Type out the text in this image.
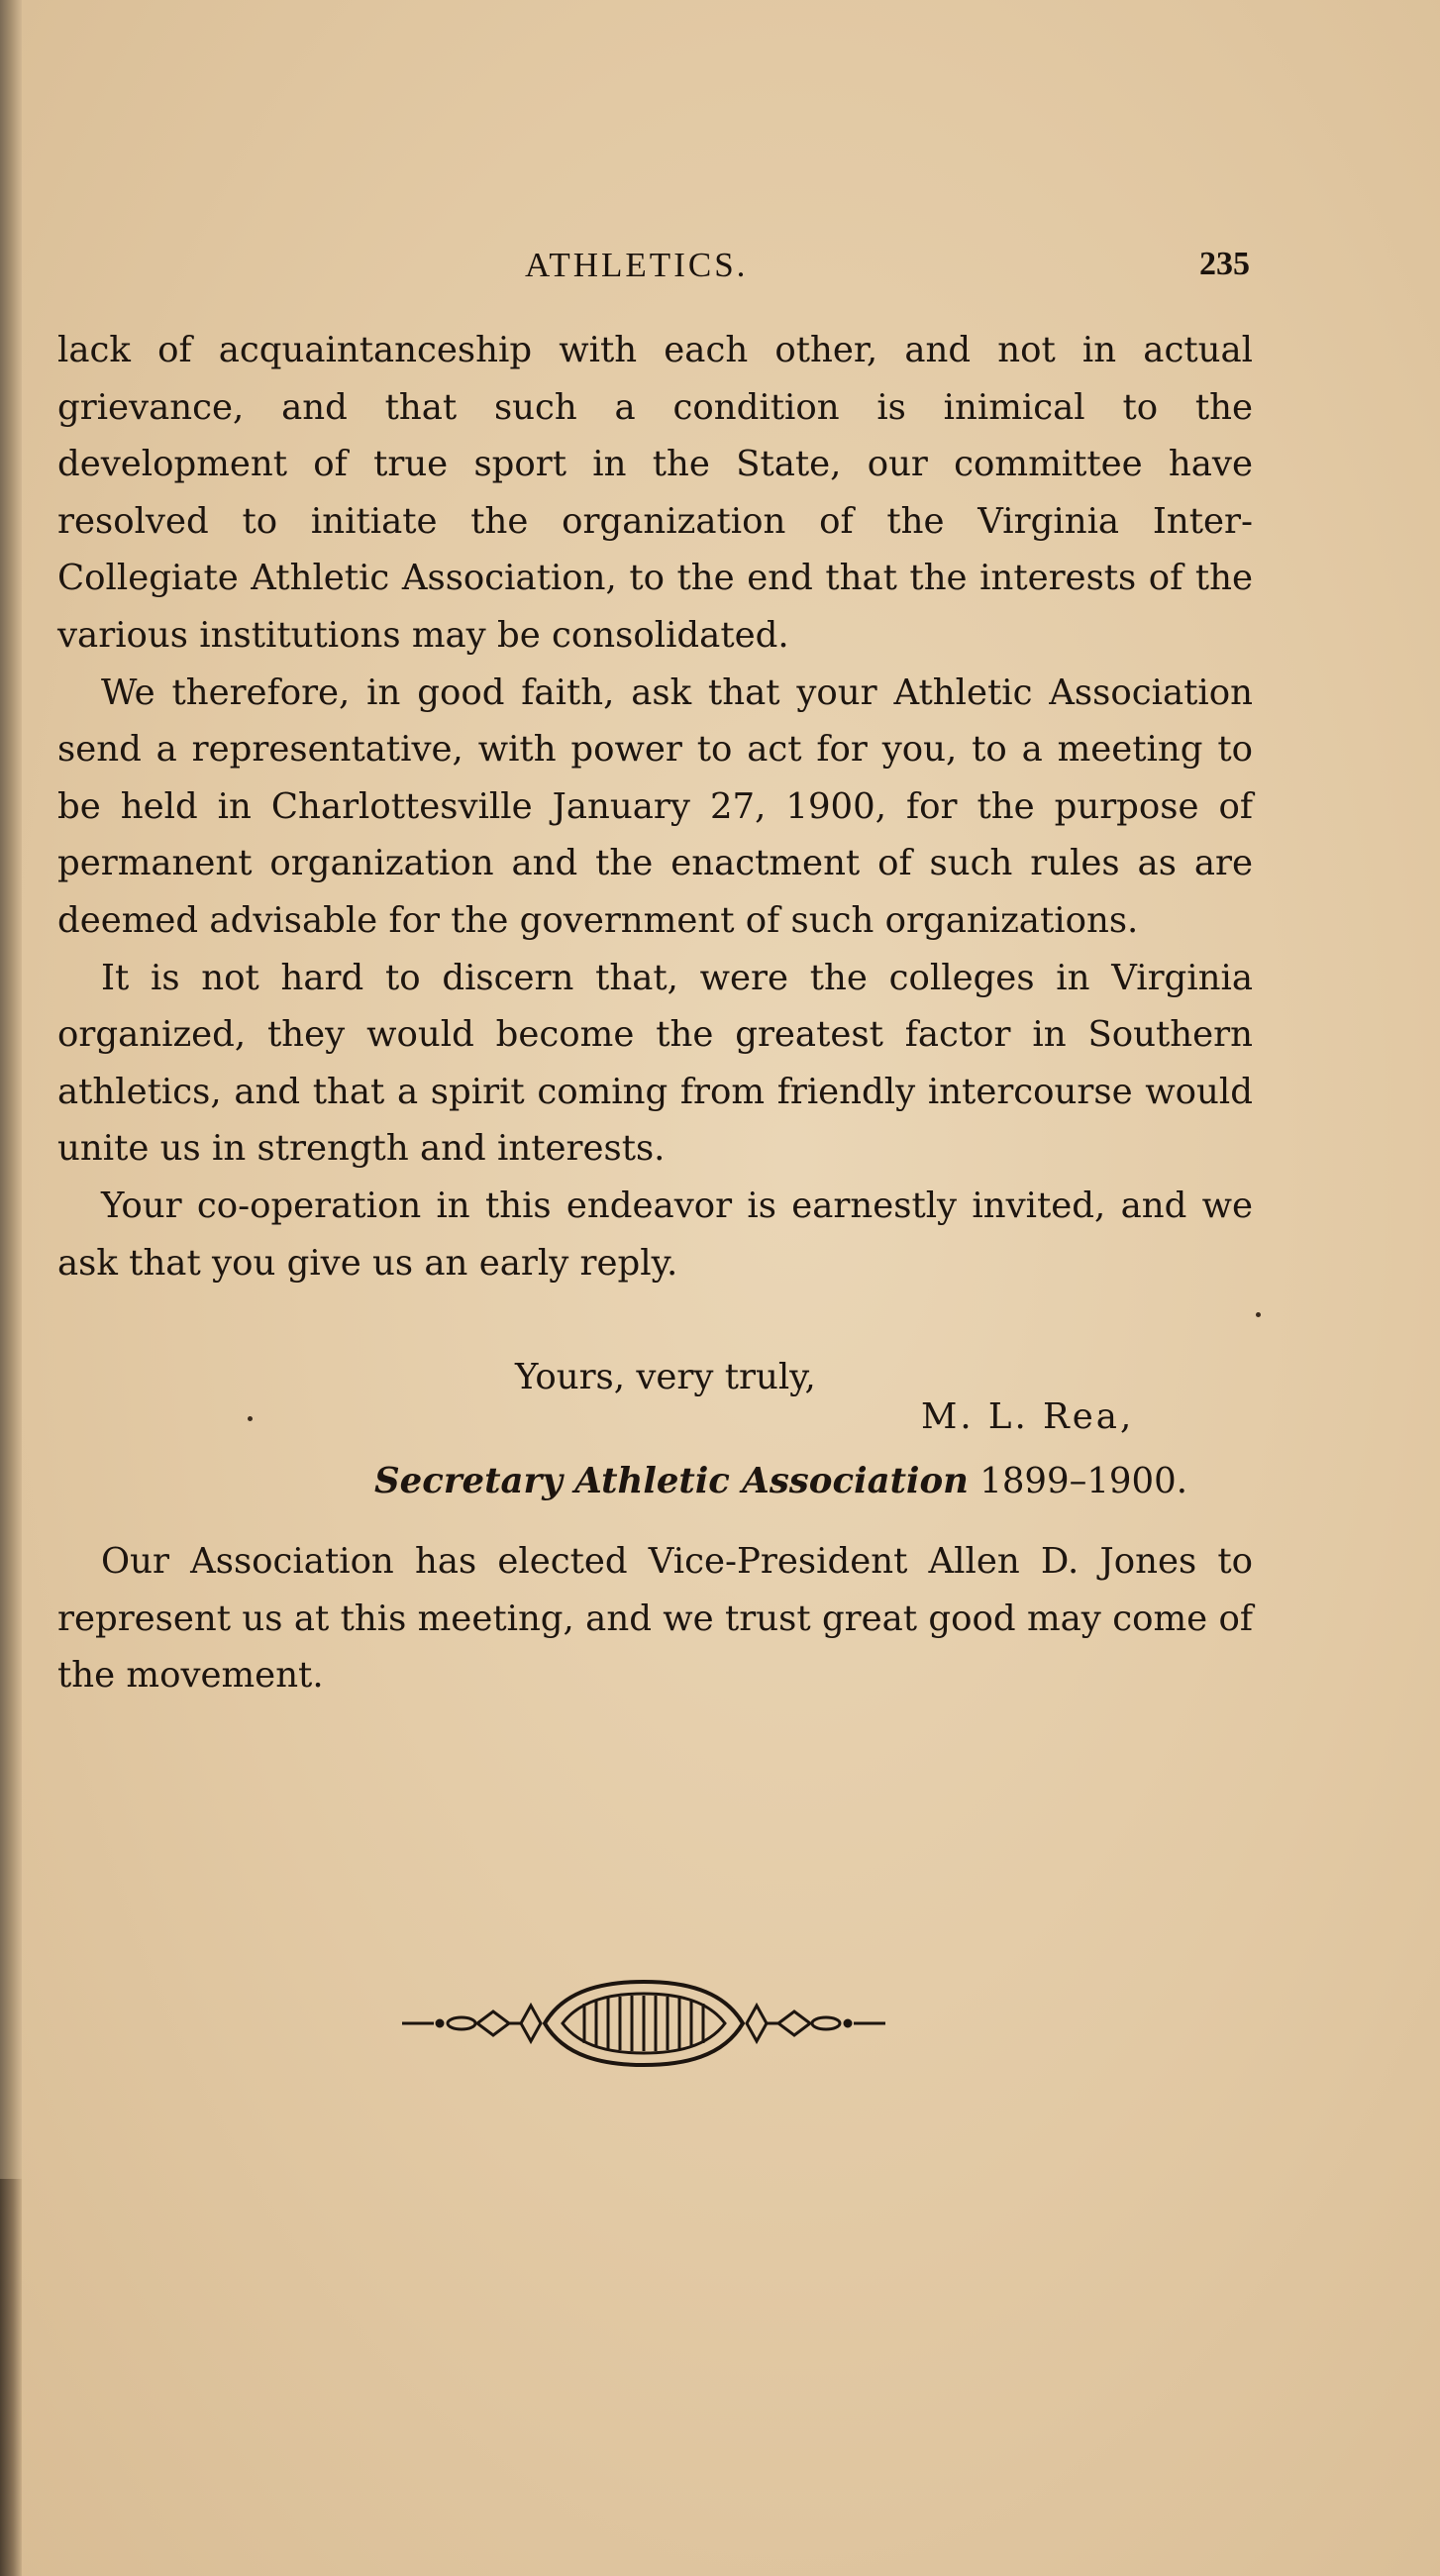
ATHLETICS.	235

lack of acquaintanceship with each other, and not in actual grievance, and that such a condition is inimical to the development of true sport in the State, our committee have resolved to initiate the organization of the Virginia Inter-Collegiate Athletic Association, to the end that the interests of the various institutions may be consolidated.

We therefore, in good faith, ask that your Athletic Association send a representative, with power to act for you, to a meeting to be held in Charlottesville January 27, 1900, for the purpose of permanent organization and the enactment of such rules as are deemed advisable for the government of such organizations.

It is not hard to discern that, were the colleges in Virginia organized, they would become the greatest factor in Southern athletics, and that a spirit coming from friendly intercourse would unite us in strength and interests.

Your co-operation in this endeavor is earnestly invited, and we ask that you give us an early reply.

Yours, very truly,
M. L. Rea,
Secretary Athletic Association 1899–1900.

Our Association has elected Vice-President Allen D. Jones to represent us at this meeting, and we trust great good may come of the movement.
